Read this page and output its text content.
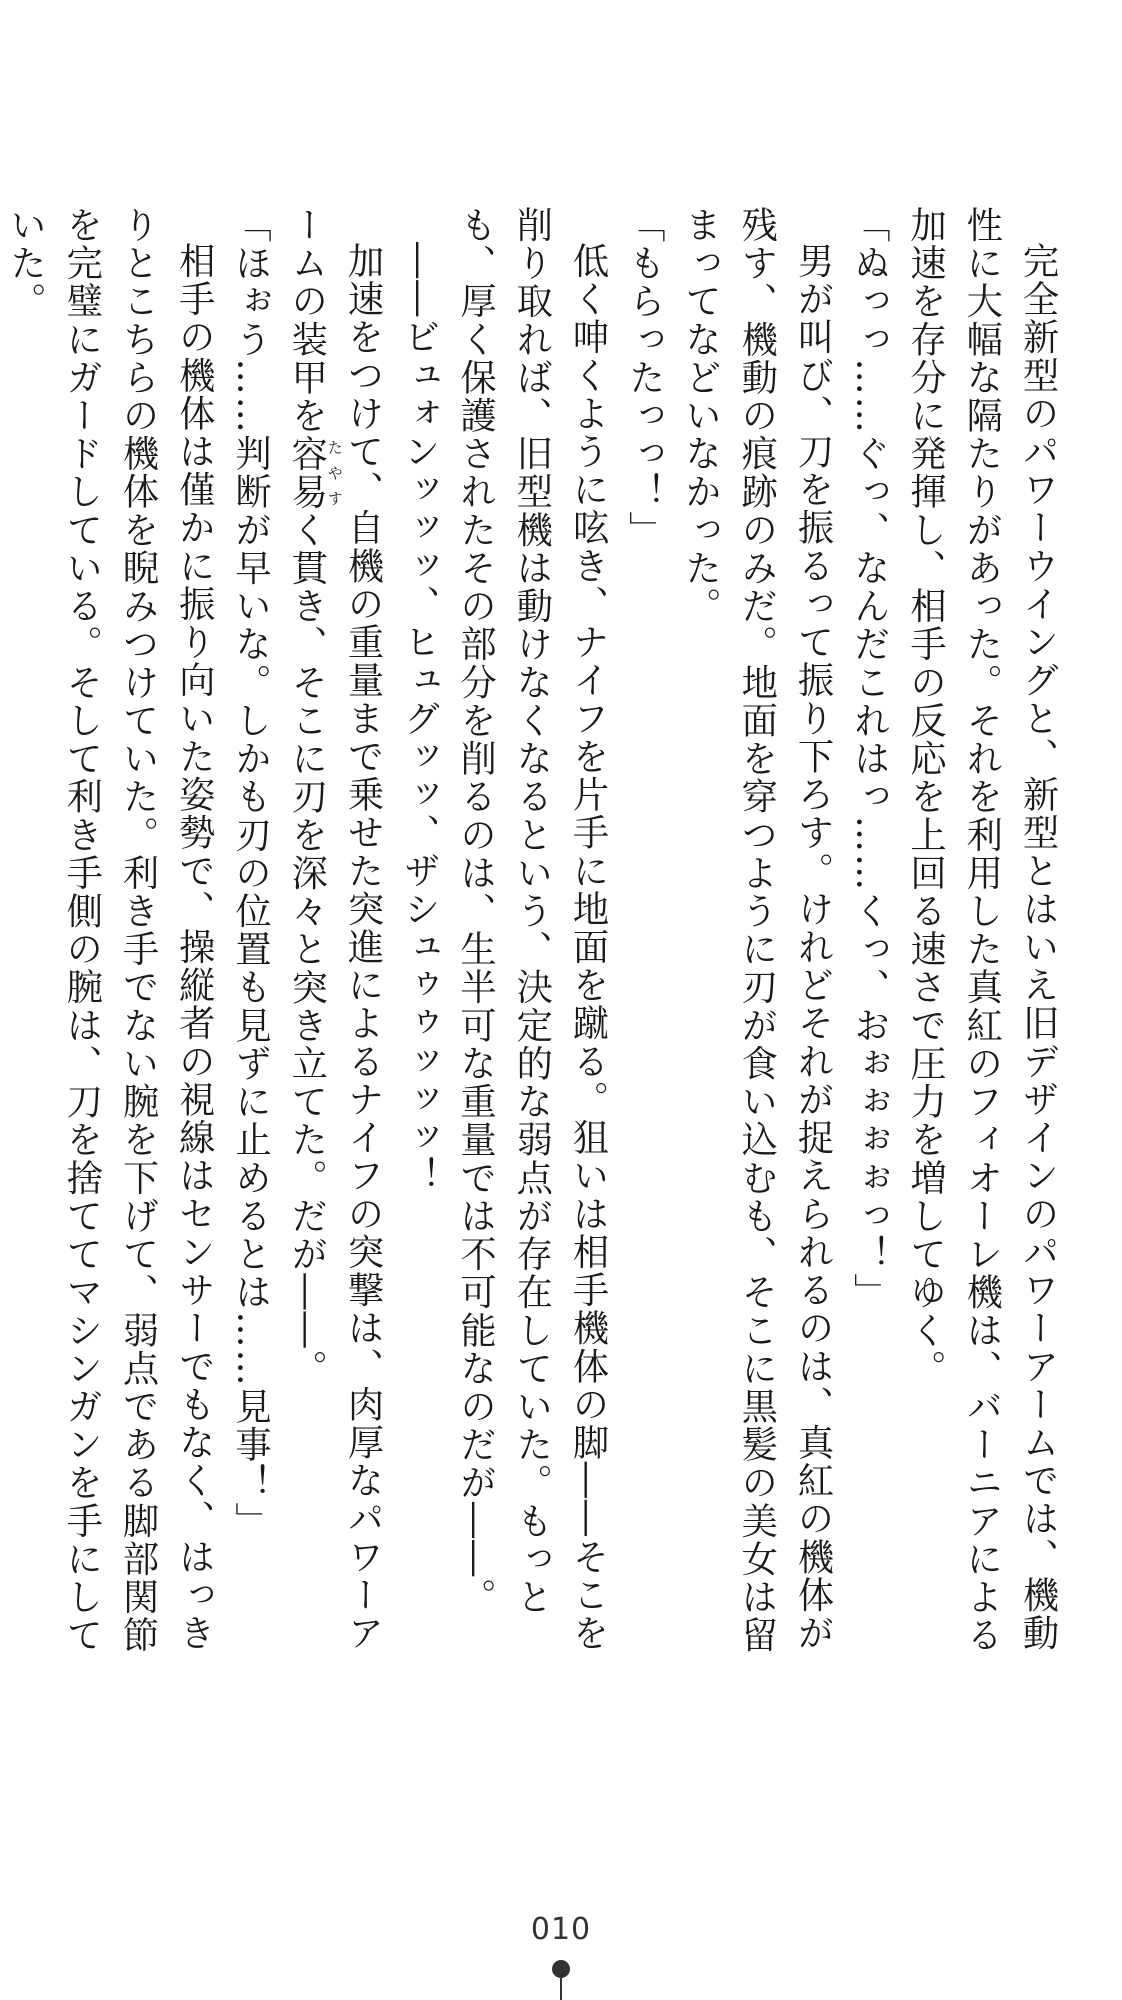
完全新型のパワーウイングと、新型とはいえ旧デザインのパワーアームでは、機動性に大幅な隔たりがあった。それを利用した真紅のフィオーレ機は、バーニアによる加速を存分に発揮し、相手の反応を上回る速さで圧力を増してゆく。

「ぬっっ……ぐっ、なんだこれはっ……くっ、おぉぉぉぉっ！」

男が叫び、刀を振るって振り下ろす。けれどそれが捉えられるのは、真紅の機体が残す、機動の痕跡のみだ。地面を穿つように刃が食い込むも、そこに黒髪の美女は留まってなどいなかった。

「もらったっっ！」

低く呻くように呟き、ナイフを片手に地面を蹴る。狙いは相手機体の脚――そこを削り取れば、旧型機は動けなくなるという、決定的な弱点が存在していた。もっとも、厚く保護されたその部分を削るのは、生半可な重量では不可能なのだが――。

――ビュォンッッッ、ヒュグッッ、ザシュゥゥッッッ！

加速をつけて、自機の重量まで乗せた突進によるナイフの突撃は、肉厚なパワーアームの装甲を容易たやすく貫き、そこに刃を深々と突き立てた。だが――。

「ほぉう……判断が早いな。しかも刃の位置も見ずに止めるとは……見事！」

相手の機体は僅かに振り向いた姿勢で、操縦者の視線はセンサーでもなく、はっきりとこちらの機体を睨みつけていた。利き手でない腕を下げて、弱点である脚部関節を完璧にガードしている。そして利き手側の腕は、刀を捨ててマシンガンを手にしていた。

010
